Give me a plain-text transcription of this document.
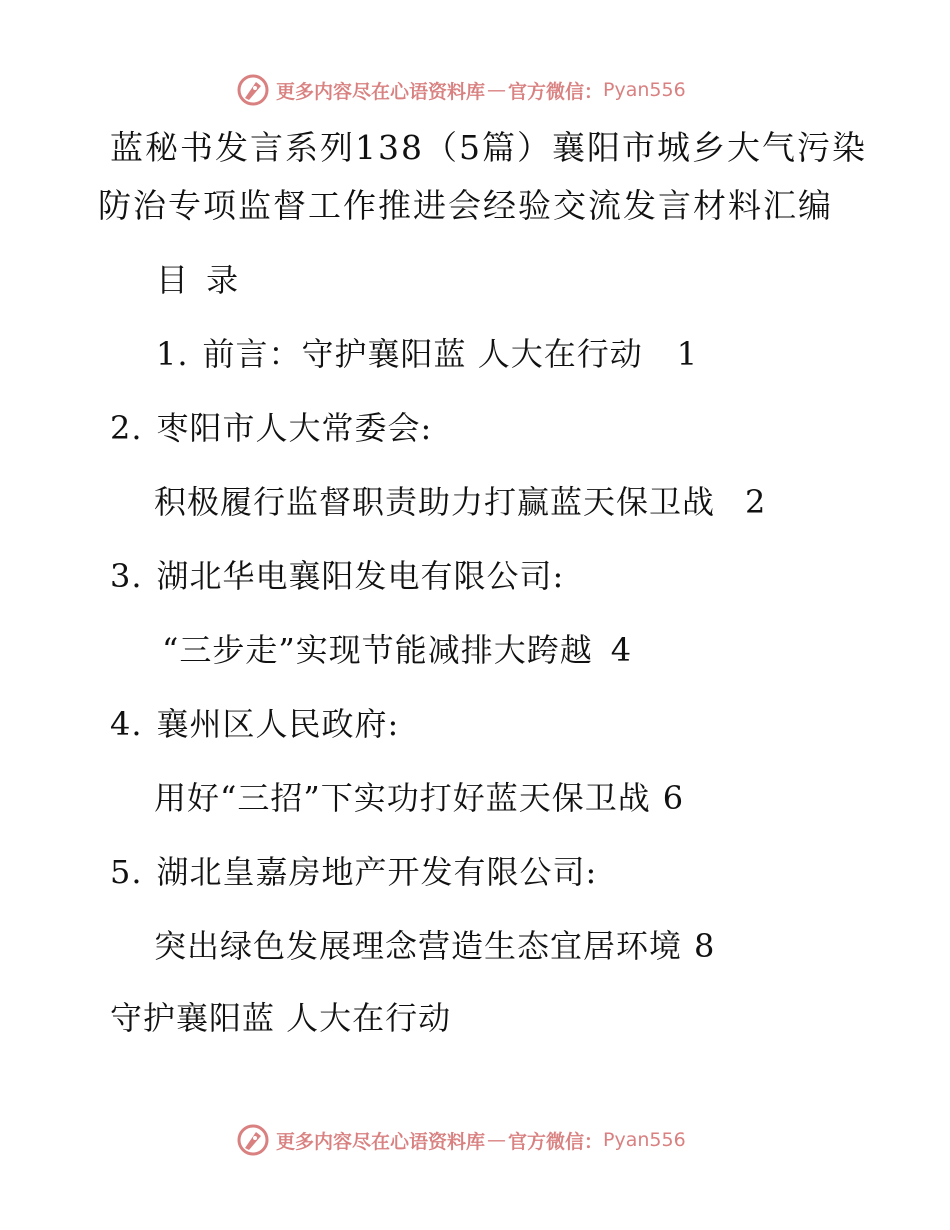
更多内容尽在心语资料库 — 官方微信： Pyan556
蓝秘书发言系列138（5篇）襄阳市城乡大气污染
防治专项监督工作推进会经验交流发言材料汇编
目 录
1. 前言：守护襄阳蓝 人大在行动 1
2. 枣阳市人大常委会:
积极履行监督职责助力打赢蓝天保卫战 2
3. 湖北华电襄阳发电有限公司:
“三步走”实现节能减排大跨越 4
4. 襄州区人民政府:
用好“三招”下实功打好蓝天保卫战 6
5. 湖北皇嘉房地产开发有限公司:
突出绿色发展理念营造生态宜居环境 8
守护襄阳蓝 人大在行动
更多内容尽在心语资料库 — 官方微信： Pyan556
